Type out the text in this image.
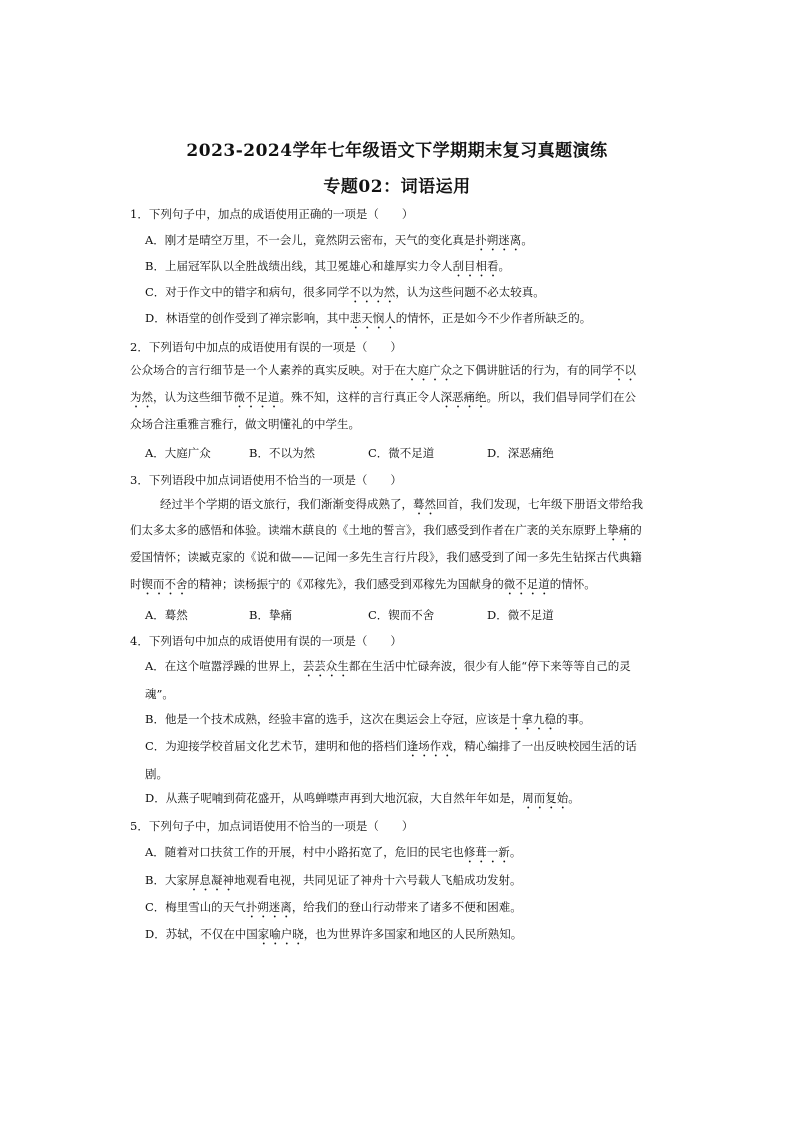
2023-2024学年七年级语文下学期期末复习真题演练
专题02：词语运用
1．下列句子中，加点的成语使用正确的一项是（　　）
A．刚才是晴空万里，不一会儿，竟然阴云密布，天气的变化真是扑朔迷离。
B．上届冠军队以全胜战绩出线，其卫冕雄心和雄厚实力令人刮目相看。
C．对于作文中的错字和病句，很多同学不以为然，认为这些问题不必太较真。
D．林语堂的创作受到了禅宗影响，其中悲天悯人的情怀，正是如今不少作者所缺乏的。
2．下列语句中加点的成语使用有误的一项是（　　）
公众场合的言行细节是一个人素养的真实反映。对于在大庭广众之下偶讲脏话的行为，有的同学不以
为然，认为这些细节微不足道。殊不知，这样的言行真正令人深恶痛绝。所以，我们倡导同学们在公
众场合注重雅言雅行，做文明懂礼的中学生。
A．大庭广众	B．不以为然	C．微不足道	D．深恶痛绝
3．下列语段中加点词语使用不恰当的一项是（　　）
经过半个学期的语文旅行，我们渐渐变得成熟了，蓦然回首，我们发现，七年级下册语文带给我
们太多太多的感悟和体验。读端木蕻良的《土地的誓言》，我们感受到作者在广袤的关东原野上挚痛的
爱国情怀；读臧克家的《说和做——记闻一多先生言行片段》，我们感受到了闻一多先生钻探古代典籍
时锲而不舍的精神；读杨振宁的《邓稼先》，我们感受到邓稼先为国献身的微不足道的情怀。
A．蓦然	B．挚痛	C．锲而不舍	D．微不足道
4．下列语句中加点的成语使用有误的一项是（　　）
A．在这个喧嚣浮躁的世界上，芸芸众生都在生活中忙碌奔波，很少有人能“停下来等等自己的灵
魂”。
B．他是一个技术成熟，经验丰富的选手，这次在奥运会上夺冠，应该是十拿九稳的事。
C．为迎接学校首届文化艺术节，建明和他的搭档们逢场作戏，精心编排了一出反映校园生活的话
剧。
D．从燕子呢喃到荷花盛开，从鸣蝉噤声再到大地沉寂，大自然年年如是，周而复始。
5．下列句子中，加点词语使用不恰当的一项是（　　）
A．随着对口扶贫工作的开展，村中小路拓宽了，危旧的民宅也修葺一新。
B．大家屏息凝神地观看电视，共同见证了神舟十六号载人飞船成功发射。
C．梅里雪山的天气扑朔迷离，给我们的登山行动带来了诸多不便和困难。
D．苏轼，不仅在中国家喻户晓，也为世界许多国家和地区的人民所熟知。
